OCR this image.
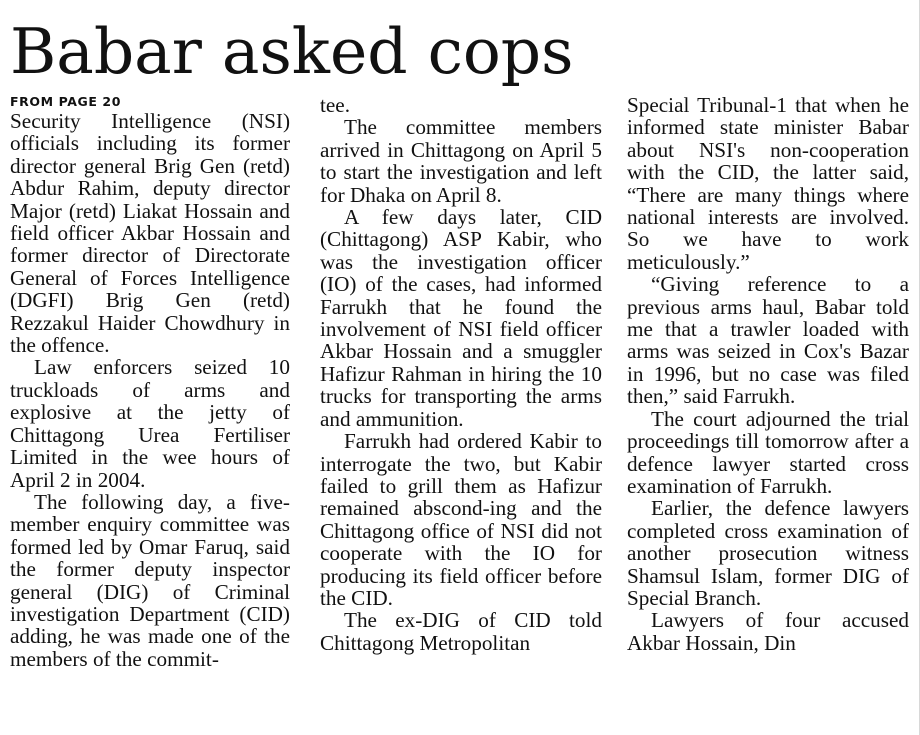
Babar asked cops
FROM PAGE 20

Security Intelligence (NSI) officials including its former director general Brig Gen (retd) Abdur Rahim, deputy director Major (retd) Liakat Hossain and field officer Akbar Hossain and former director of Directorate General of Forces Intelligence (DGFI) Brig Gen (retd) Rezzakul Haider Chowdhury in the offence.

Law enforcers seized 10 truckloads of arms and explosive at the jetty of Chittagong Urea Fertiliser Limited in the wee hours of April 2 in 2004.

The following day, a five-member enquiry committee was formed led by Omar Faruq, said the former deputy inspector general (DIG) of Criminal investigation Department (CID) adding, he was made one of the members of the commit-

tee.

The committee members arrived in Chittagong on April 5 to start the investigation and left for Dhaka on April 8.

A few days later, CID (Chittagong) ASP Kabir, who was the investigation officer (IO) of the cases, had informed Farrukh that he found the involvement of NSI field officer Akbar Hossain and a smuggler Hafizur Rahman in hiring the 10 trucks for transporting the arms and ammunition.

Farrukh had ordered Kabir to interrogate the two, but Kabir failed to grill them as Hafizur remained abscond-ing and the Chittagong office of NSI did not cooperate with the IO for producing its field officer before the CID.

The ex-DIG of CID told Chittagong Metropolitan

Special Tribunal-1 that when he informed state minister Babar about NSI's non-cooperation with the CID, the latter said, “There are many things where national interests are involved. So we have to work meticulously.”

“Giving reference to a previous arms haul, Babar told me that a trawler loaded with arms was seized in Cox's Bazar in 1996, but no case was filed then,” said Farrukh.

The court adjourned the trial proceedings till tomorrow after a defence lawyer started cross examination of Farrukh.

Earlier, the defence lawyers completed cross examination of another prosecution witness Shamsul Islam, former DIG of Special Branch.

Lawyers of four accused Akbar Hossain, Din
